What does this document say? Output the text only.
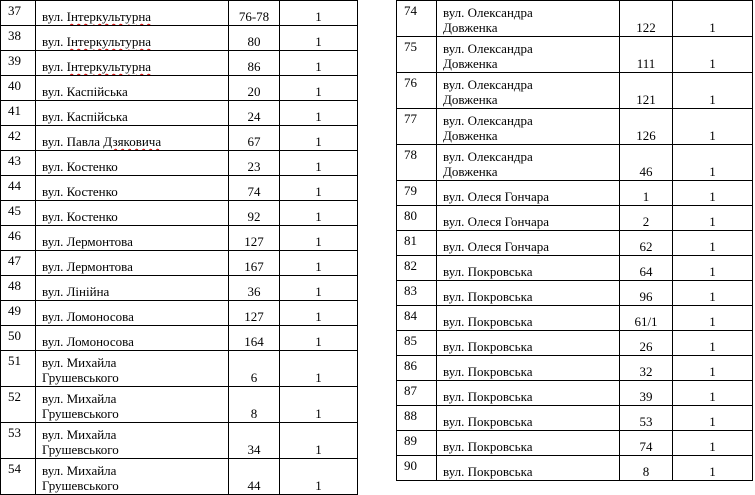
37	вул. Інтеркультурна	76-78	1
38	вул. Інтеркультурна	80	1
39	вул. Інтеркультурна	86	1
40	вул. Каспійська	20	1
41	вул. Каспійська	24	1
42	вул. Павла Дзяковича	67	1
43	вул. Костенко	23	1
44	вул. Костенко	74	1
45	вул. Костенко	92	1
46	вул. Лермонтова	127	1
47	вул. Лермонтова	167	1
48	вул. Лінійна	36	1
49	вул. Ломоносова	127	1
50	вул. Ломоносова	164	1
51	вул. Михайла
Грушевського	6	1
52	вул. Михайла
Грушевського	8	1
53	вул. Михайла
Грушевського	34	1
54	вул. Михайла
Грушевського	44	1
74	вул. Олександра
Довженка	122	1
75	вул. Олександра
Довженка	111	1
76	вул. Олександра
Довженка	121	1
77	вул. Олександра
Довженка	126	1
78	вул. Олександра
Довженка	46	1
79	вул. Олеся Гончара	1	1
80	вул. Олеся Гончара	2	1
81	вул. Олеся Гончара	62	1
82	вул. Покровська	64	1
83	вул. Покровська	96	1
84	вул. Покровська	61/1	1
85	вул. Покровська	26	1
86	вул. Покровська	32	1
87	вул. Покровська	39	1
88	вул. Покровська	53	1
89	вул. Покровська	74	1
90	вул. Покровська	8	1
